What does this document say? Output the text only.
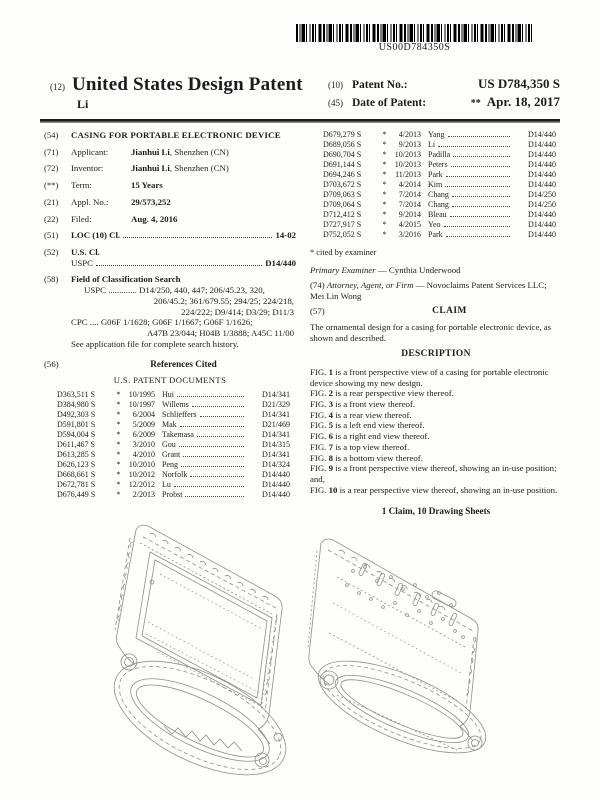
US00D784350S
(12) United States Design Patent
Li
(10) Patent No.:	US D784,350 S
(45) Date of Patent:	** Apr. 18, 2017
(54)	CASING FOR PORTABLE ELECTRONIC DEVICE
(71)	Applicant:	Jianhui Li, Shenzhen (CN)
(72)	Inventor:	Jianhui Li, Shenzhen (CN)
(**)	Term:	15 Years
(21)	Appl. No.:	29/573,252
(22)	Filed:	Aug. 4, 2016
(51)	LOC (10) Cl.	14-02
(52)	U.S. Cl.
USPC	D14/440
(58)	Field of Classification Search
USPC ............. D14/250, 440, 447; 206/45.23, 320,
206/45.2; 361/679.55; 294/25; 224/218,
224/222; D9/414; D3/29; D11/3
CPC .... G06F 1/1628; G06F 1/1667; G06F 1/1626;
A47B 23/044; H04B 1/3888; A45C 11/00
See application file for complete search history.
(56)	References Cited
U.S. PATENT DOCUMENTS
D363,511 S	*	10/1995 Hui	D14/341
D384,980 S	*	10/1997 Willems	D21/329
D492,303 S	*	6/2004 Schlieffers	D14/341
D591,801 S	*	5/2009 Mak	D21/469
D594,004 S	*	6/2009 Takemasa	D14/341
D611,467 S	*	3/2010 Gou	D14/315
D613,285 S	*	4/2010 Grant	D14/341
D626,123 S	*	10/2010 Peng	D14/324
D668,661 S	*	10/2012 Norfolk	D14/440
D672,781 S	*	12/2012 Lu	D14/440
D676,449 S	*	2/2013 Probst	D14/440
D679,279 S	*	4/2013 Yang	D14/440
D689,056 S	*	9/2013 Li	D14/440
D690,704 S	*	10/2013 Padilla	D14/440
D691,144 S	*	10/2013 Peters	D14/440
D694,246 S	*	11/2013 Park	D14/440
D703,672 S	*	4/2014 Kim	D14/440
D709,063 S	*	7/2014 Chang	D14/250
D709,064 S	*	7/2014 Chang	D14/250
D712,412 S	*	9/2014 Bleau	D14/440
D727,917 S	*	4/2015 Yeo	D14/440
D752,052 S	*	3/2016 Park	D14/440
* cited by examiner
Primary Examiner — Cynthia Underwood
(74) Attorney, Agent, or Firm — Novoclaims Patent Services LLC; Mei Lin Wong
(57)	CLAIM
The ornamental design for a casing for portable electronic device, as shown and described.
DESCRIPTION
FIG. 1 is a front perspective view of a casing for portable electronic device showing my new design.
FIG. 2 is a rear perspective view thereof.
FIG. 3 is a front view thereof.
FIG. 4 is a rear view thereof.
FIG. 5 is a left end view thereof.
FIG. 6 is a right end view thereof.
FIG. 7 is a top view thereof.
FIG. 8 is a bottom view thereof.
FIG. 9 is a front perspective view thereof, showing an in-use position; and,
FIG. 10 is a rear perspective view thereof, showing an in-use position.
1 Claim, 10 Drawing Sheets
